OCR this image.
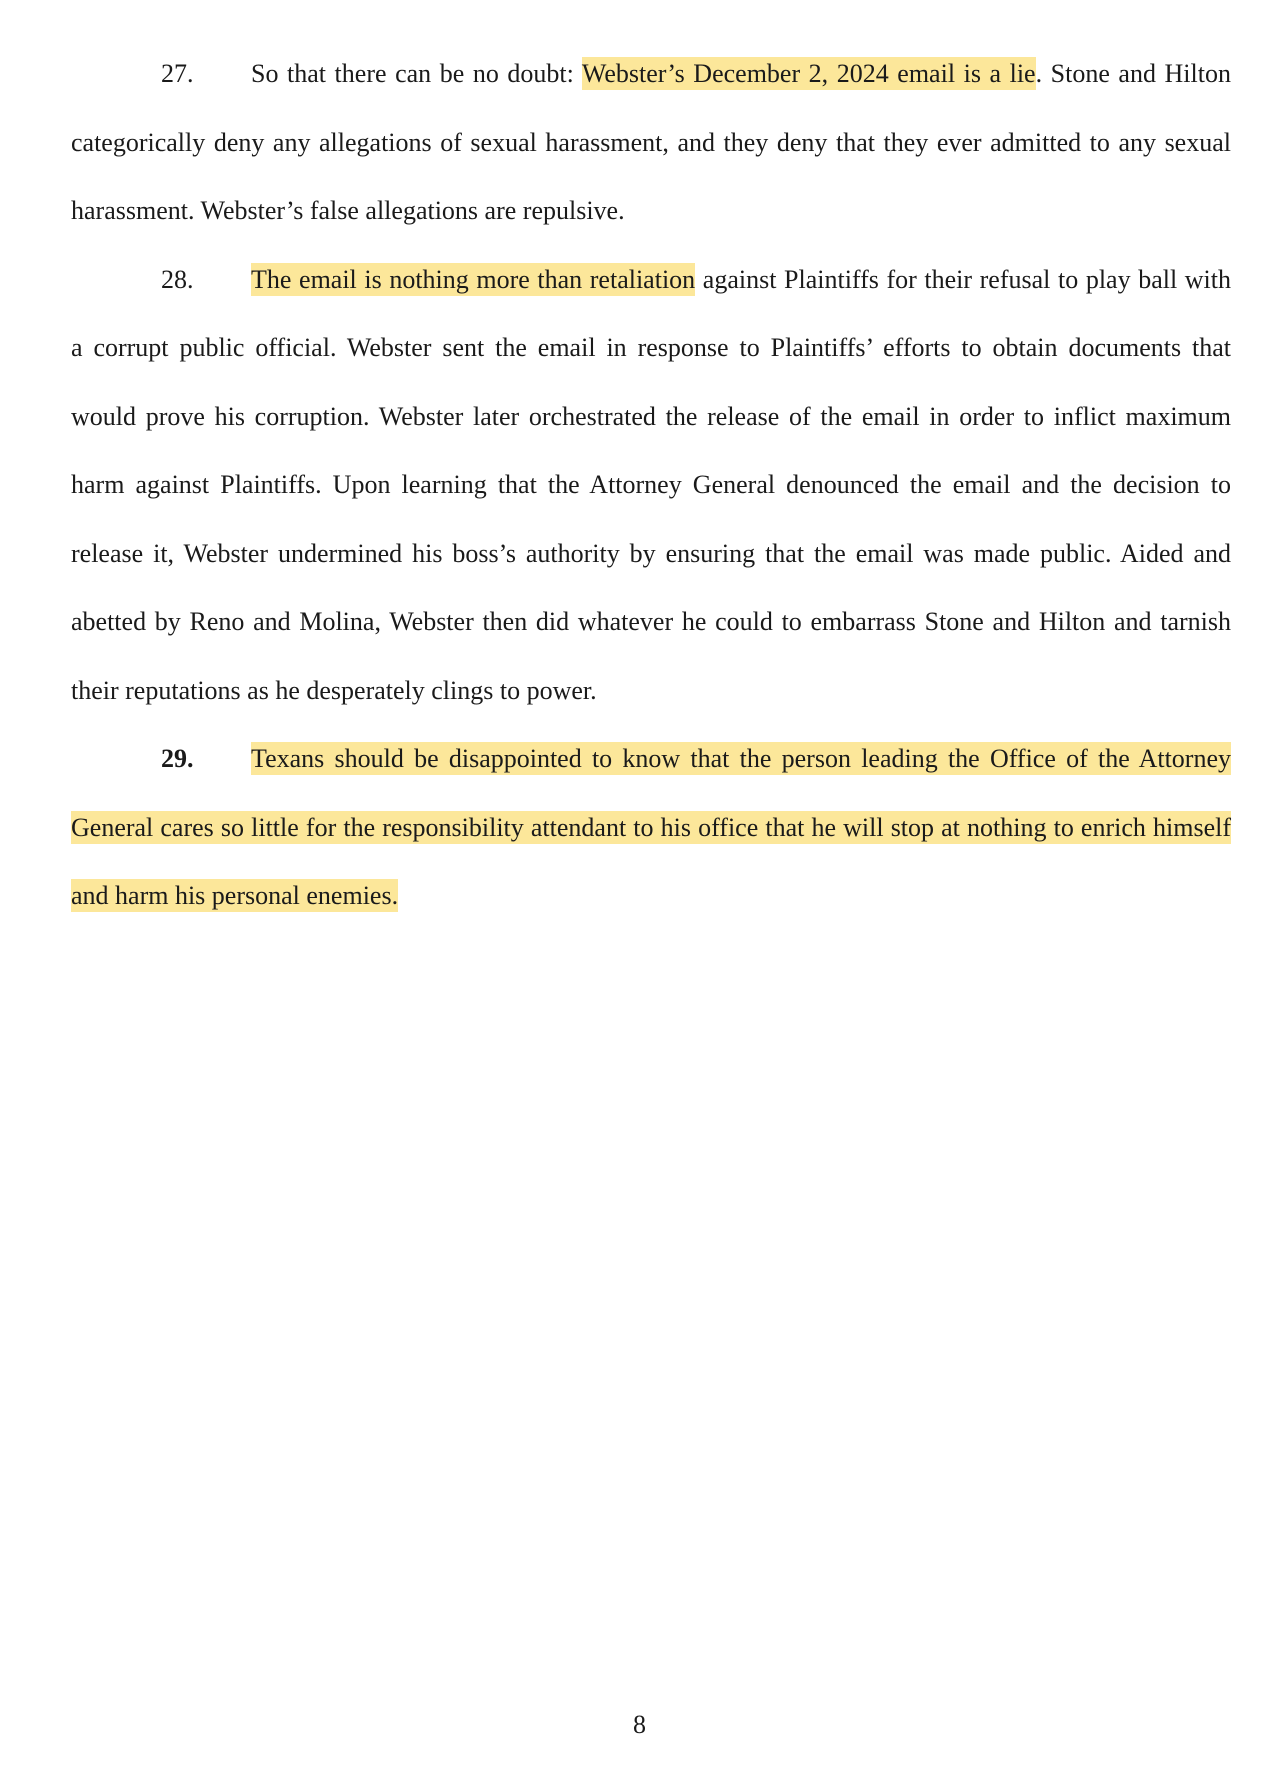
27. So that there can be no doubt: Webster’s December 2, 2024 email is a lie. Stone and Hilton categorically deny any allegations of sexual harassment, and they deny that they ever admitted to any sexual harassment. Webster’s false allegations are repulsive.

28. The email is nothing more than retaliation against Plaintiffs for their refusal to play ball with a corrupt public official. Webster sent the email in response to Plaintiffs’ efforts to obtain documents that would prove his corruption. Webster later orchestrated the release of the email in order to inflict maximum harm against Plaintiffs. Upon learning that the Attorney General denounced the email and the decision to release it, Webster undermined his boss’s authority by ensuring that the email was made public. Aided and abetted by Reno and Molina, Webster then did whatever he could to embarrass Stone and Hilton and tarnish their reputations as he desperately clings to power.

29. Texans should be disappointed to know that the person leading the Office of the Attorney General cares so little for the responsibility attendant to his office that he will stop at nothing to enrich himself and harm his personal enemies.

8
